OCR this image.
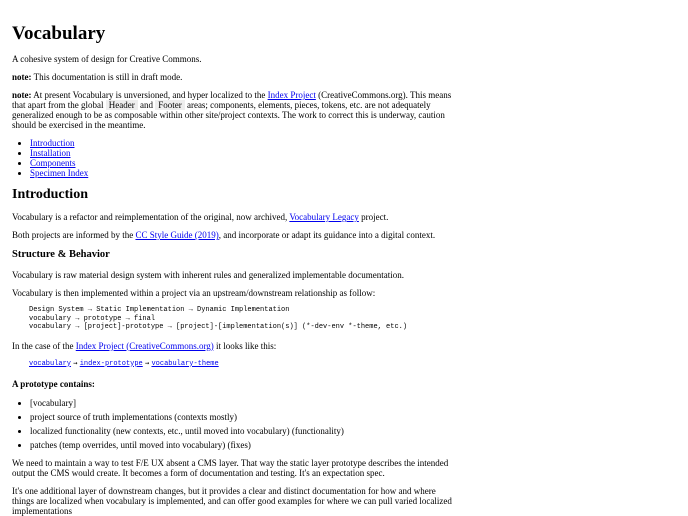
Vocabulary

A cohesive system of design for Creative Commons.

note: This documentation is still in draft mode.

note: At present Vocabulary is unversioned, and hyper localized to the Index Project (CreativeCommons.org). This means that apart from the global Header and Footer areas; components, elements, pieces, tokens, etc. are not adequately generalized enough to be as composable within other site/project contexts. The work to correct this is underway, caution should be exercised in the meantime.

• Introduction
• Installation
• Components
• Specimen Index
Introduction

Vocabulary is a refactor and reimplementation of the original, now archived, Vocabulary Legacy project.

Both projects are informed by the CC Style Guide (2019), and incorporate or adapt its guidance into a digital context.

Structure & Behavior

Vocabulary is raw material design system with inherent rules and generalized implementable documentation.

Vocabulary is then implemented within a project via an upstream/downstream relationship as follow:

Design System → Static Implementation → Dynamic Implementation
vocabulary → prototype → final
vocabulary → [project]-prototype → [project]-[implementation(s)] (*-dev-env *-theme, etc.)

In the case of the Index Project (CreativeCommons.org) it looks like this:

vocabulary → index-prototype → vocabulary-theme

A prototype contains:

• [vocabulary]
• project source of truth implementations (contexts mostly)
• localized functionality (new contexts, etc., until moved into vocabulary) (functionality)
• patches (temp overrides, until moved into vocabulary) (fixes)

We need to maintain a way to test F/E UX absent a CMS layer. That way the static layer prototype describes the intended output the CMS would create. It becomes a form of documentation and testing. It's an expectation spec.

It's one additional layer of downstream changes, but it provides a clear and distinct documentation for how and where things are localized when vocabulary is implemented, and can offer good examples for where we can pull varied localized implementations
